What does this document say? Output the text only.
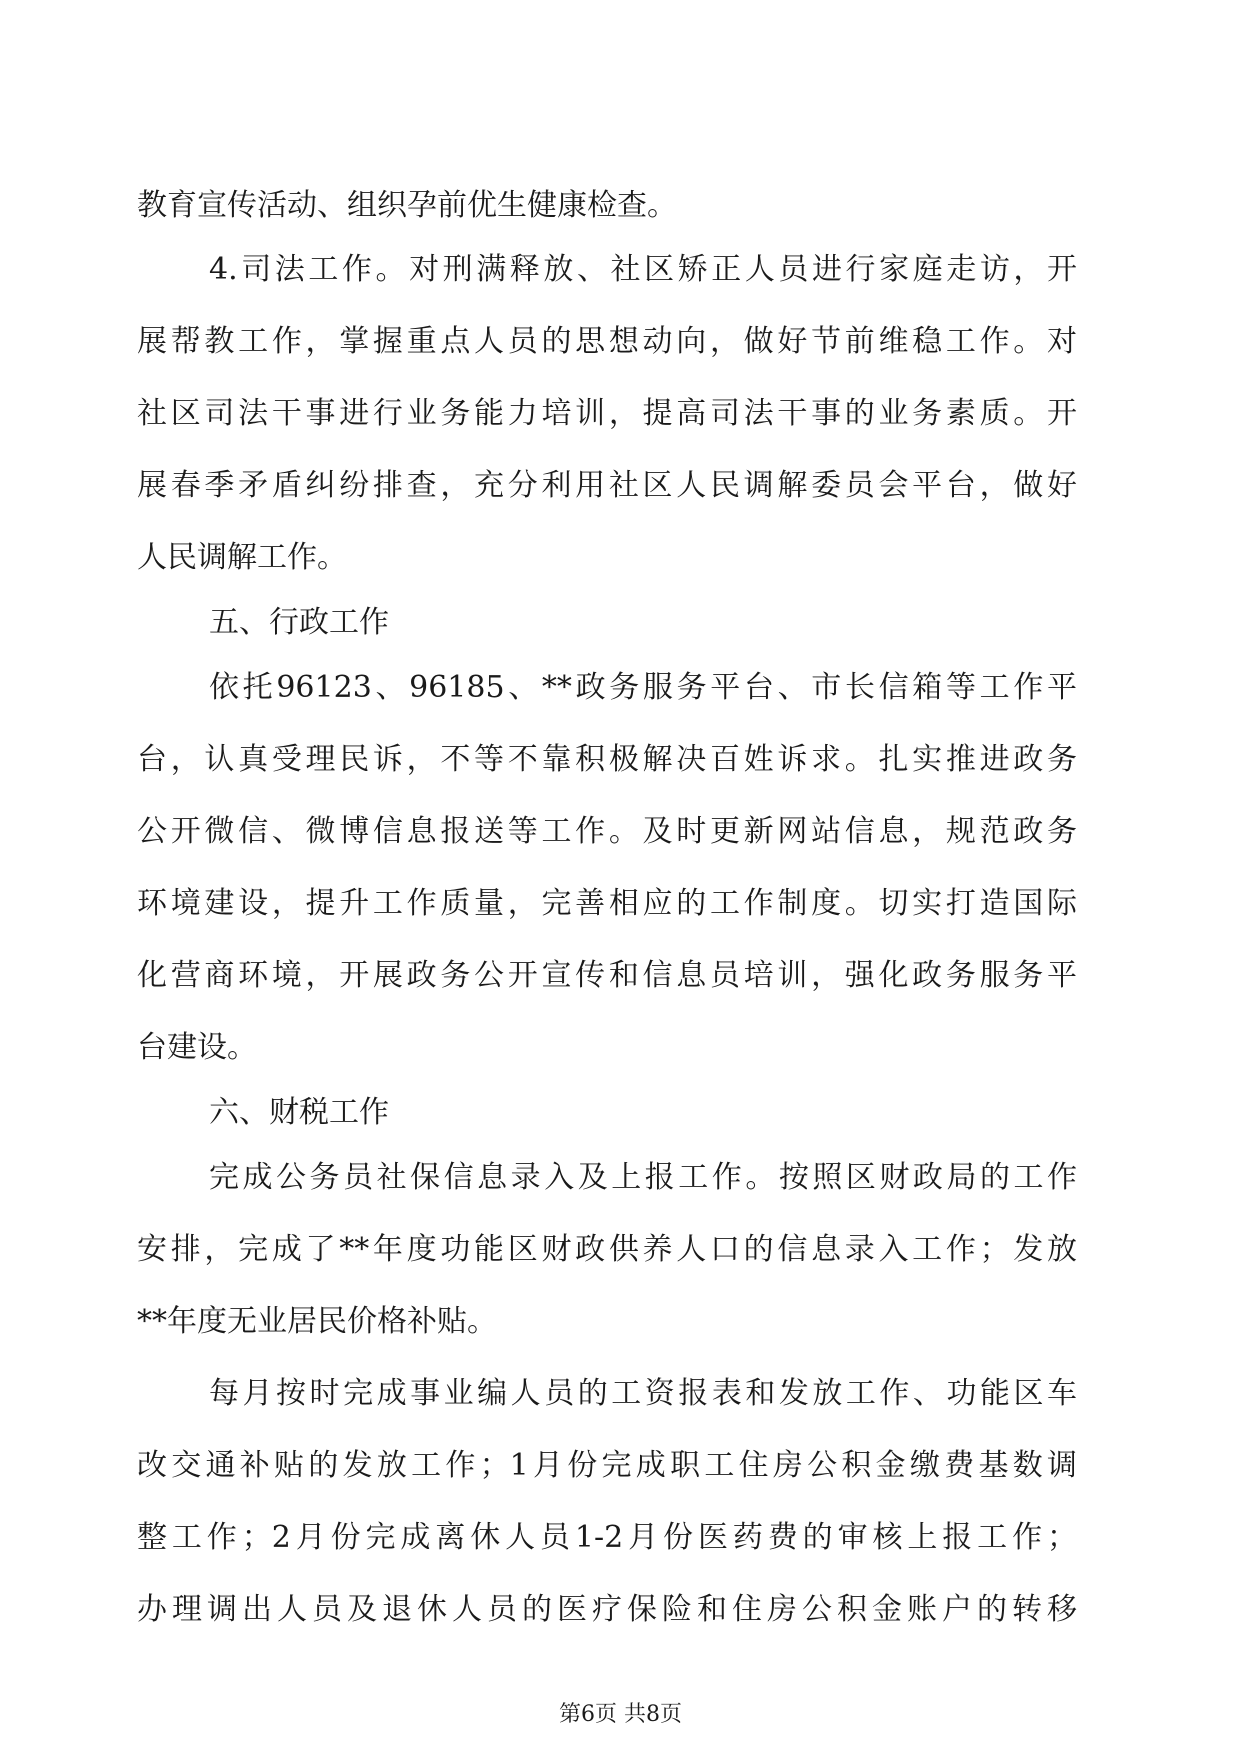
教育宣传活动、组织孕前优生健康检查。
4.司法工作。对刑满释放、社区矫正人员进行家庭走访，开
展帮教工作，掌握重点人员的思想动向，做好节前维稳工作。对
社区司法干事进行业务能力培训，提高司法干事的业务素质。开
展春季矛盾纠纷排查，充分利用社区人民调解委员会平台，做好
人民调解工作。
五、行政工作
依托96123、96185、**政务服务平台、市长信箱等工作平
台，认真受理民诉，不等不靠积极解决百姓诉求。扎实推进政务
公开微信、微博信息报送等工作。及时更新网站信息，规范政务
环境建设，提升工作质量，完善相应的工作制度。切实打造国际
化营商环境，开展政务公开宣传和信息员培训，强化政务服务平
台建设。
六、财税工作
完成公务员社保信息录入及上报工作。按照区财政局的工作
安排，完成了**年度功能区财政供养人口的信息录入工作；发放
**年度无业居民价格补贴。
每月按时完成事业编人员的工资报表和发放工作、功能区车
改交通补贴的发放工作；1月份完成职工住房公积金缴费基数调
整工作；2月份完成离休人员1-2月份医药费的审核上报工作；
办理调出人员及退休人员的医疗保险和住房公积金账户的转移
第6页 共8页
